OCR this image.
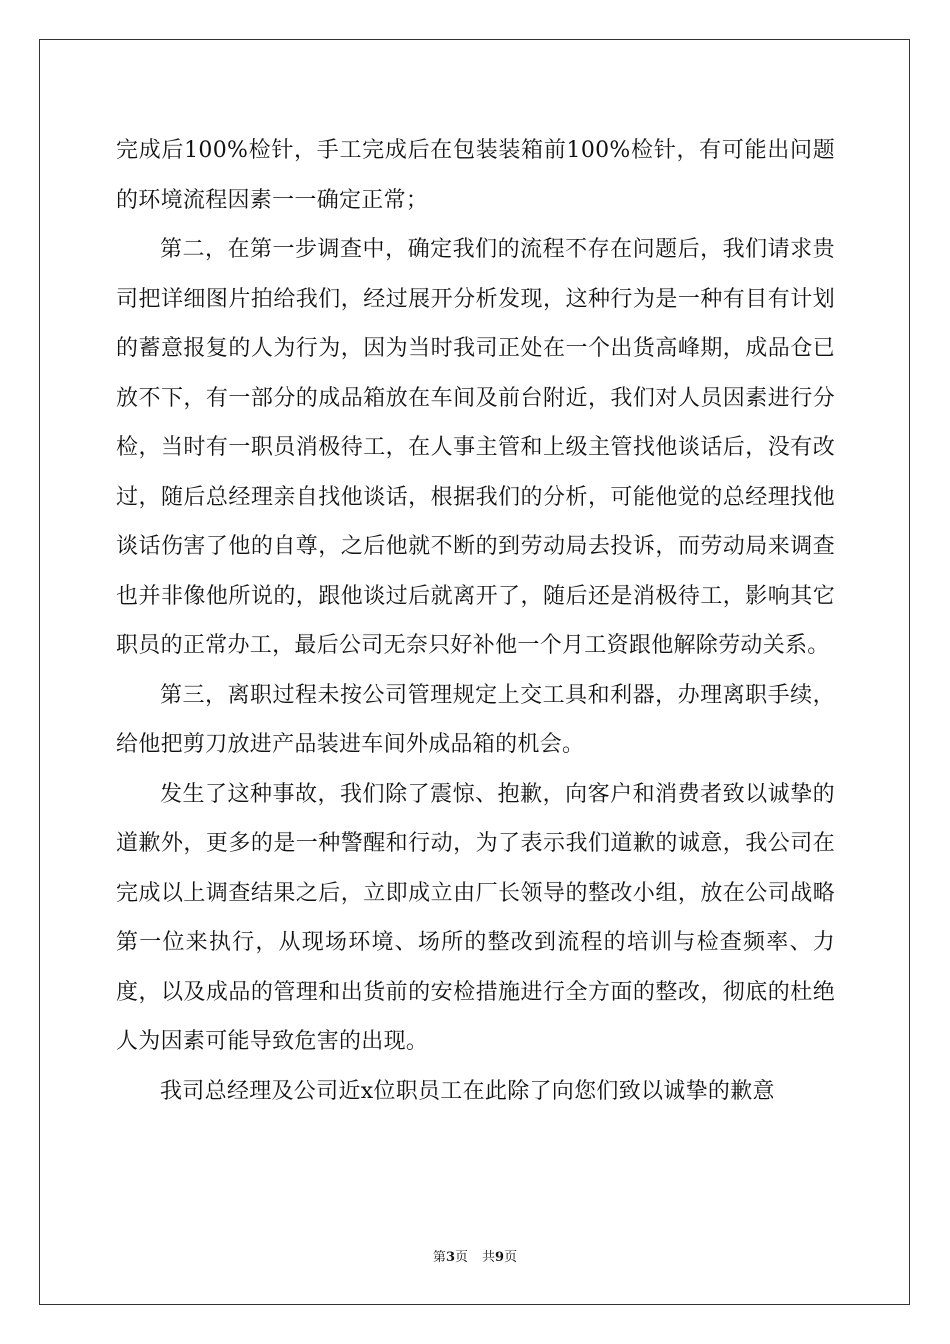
完成后100%检针，手工完成后在包装装箱前100%检针，有可能出问题的环境流程因素一一确定正常；

第二，在第一步调查中，确定我们的流程不存在问题后，我们请求贵司把详细图片拍给我们，经过展开分析发现，这种行为是一种有目有计划的蓄意报复的人为行为，因为当时我司正处在一个出货高峰期，成品仓已放不下，有一部分的成品箱放在车间及前台附近，我们对人员因素进行分检，当时有一职员消极待工，在人事主管和上级主管找他谈话后，没有改过，随后总经理亲自找他谈话，根据我们的分析，可能他觉的总经理找他谈话伤害了他的自尊，之后他就不断的到劳动局去投诉，而劳动局来调查也并非像他所说的，跟他谈过后就离开了，随后还是消极待工，影响其它职员的正常办工，最后公司无奈只好补他一个月工资跟他解除劳动关系。

第三，离职过程未按公司管理规定上交工具和利器，办理离职手续，给他把剪刀放进产品装进车间外成品箱的机会。

发生了这种事故，我们除了震惊、抱歉，向客户和消费者致以诚挚的道歉外，更多的是一种警醒和行动，为了表示我们道歉的诚意，我公司在完成以上调查结果之后，立即成立由厂长领导的整改小组，放在公司战略第一位来执行，从现场环境、场所的整改到流程的培训与检查频率、力度，以及成品的管理和出货前的安检措施进行全方面的整改，彻底的杜绝人为因素可能导致危害的出现。

我司总经理及公司近x位职员工在此除了向您们致以诚挚的歉意

第3页 共9页
